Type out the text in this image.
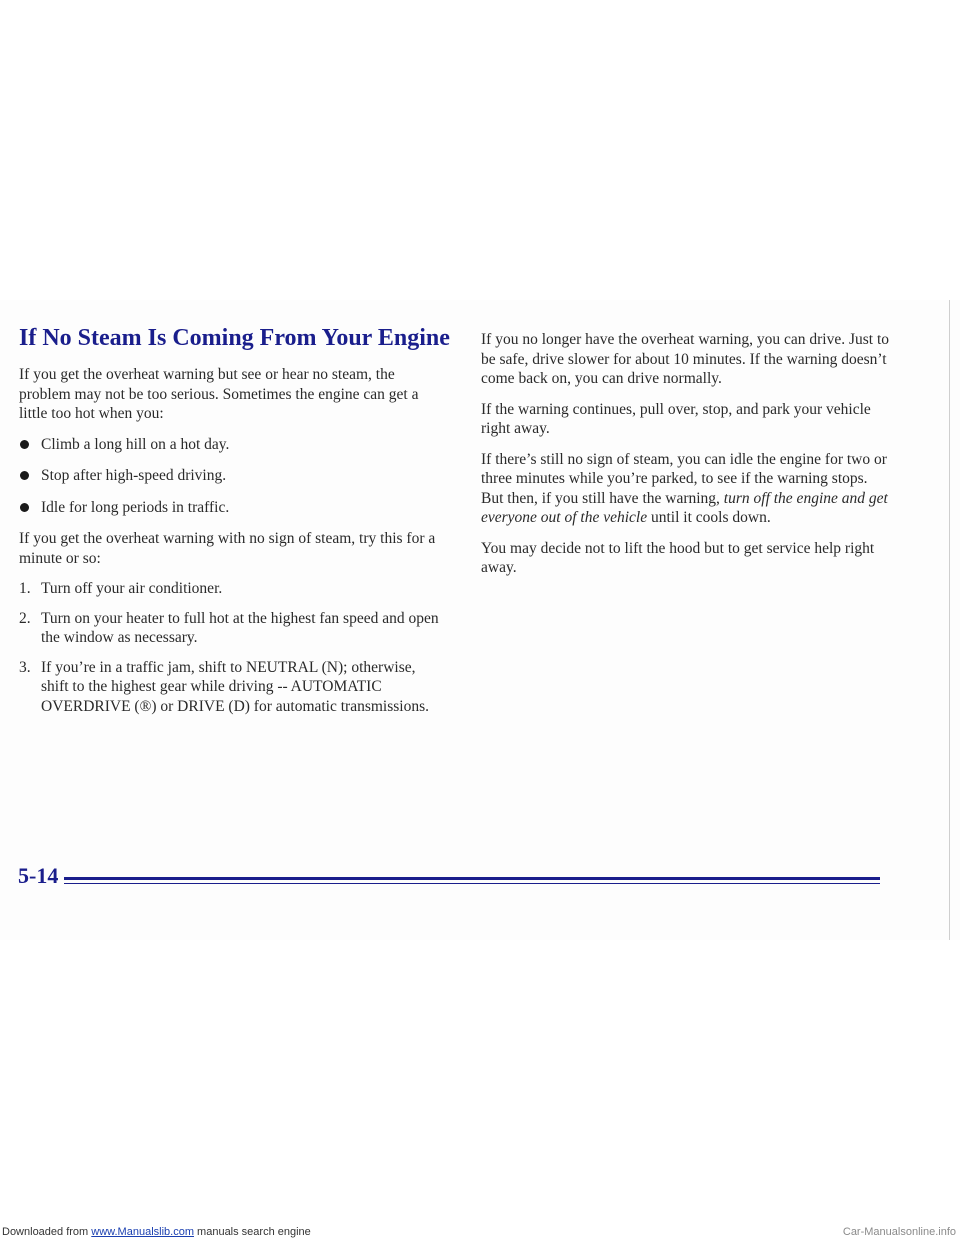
If No Steam Is Coming From Your Engine

If you get the overheat warning but see or hear no steam, the problem may not be too serious. Sometimes the engine can get a little too hot when you:

Climb a long hill on a hot day.
Stop after high-speed driving.
Idle for long periods in traffic.

If you get the overheat warning with no sign of steam, try this for a minute or so:

1. Turn off your air conditioner.
2. Turn on your heater to full hot at the highest fan speed and open the window as necessary.
3. If you’re in a traffic jam, shift to NEUTRAL (N); otherwise, shift to the highest gear while driving -- AUTOMATIC OVERDRIVE (®) or DRIVE (D) for automatic transmissions.

If you no longer have the overheat warning, you can drive. Just to be safe, drive slower for about 10 minutes. If the warning doesn’t come back on, you can drive normally.

If the warning continues, pull over, stop, and park your vehicle right away.

If there’s still no sign of steam, you can idle the engine for two or three minutes while you’re parked, to see if the warning stops. But then, if you still have the warning, turn off the engine and get everyone out of the vehicle until it cools down.

You may decide not to lift the hood but to get service help right away.

5-14
Downloaded from www.Manualslib.com manuals search engine	Car-Manualsonline.info
